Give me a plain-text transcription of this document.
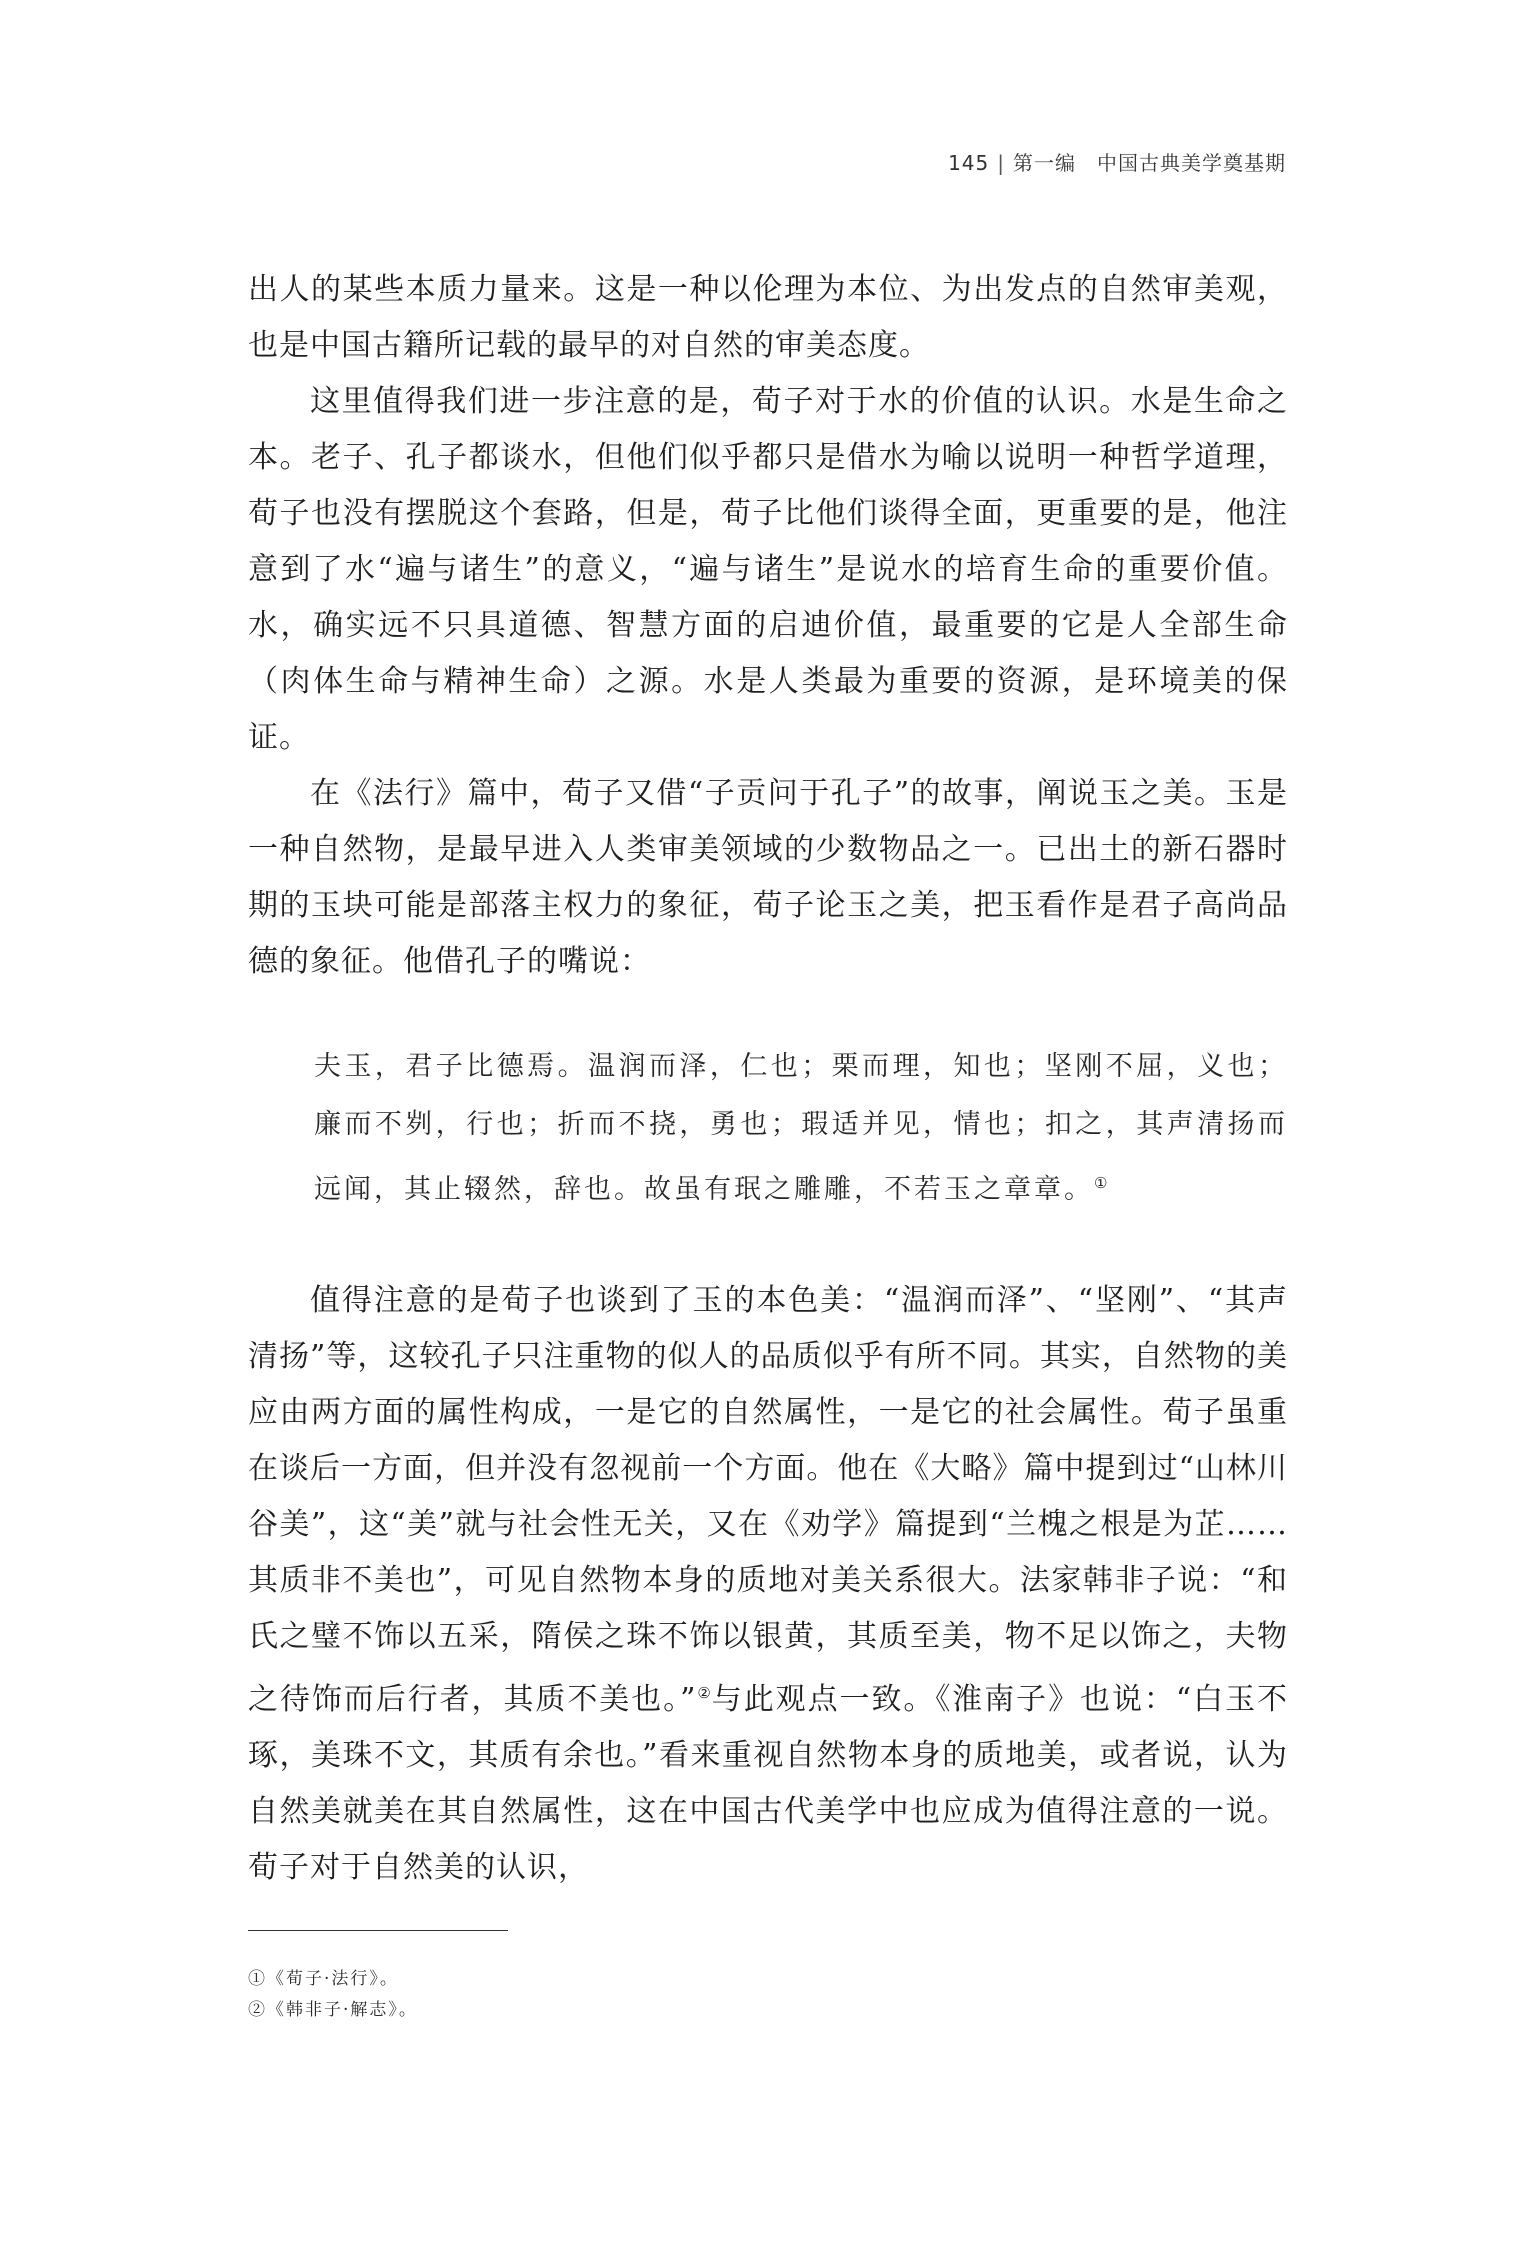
145 | 第一编  中国古典美学奠基期

出人的某些本质力量来。这是一种以伦理为本位、为出发点的自然审美观，也是中国古籍所记载的最早的对自然的审美态度。

这里值得我们进一步注意的是，荀子对于水的价值的认识。水是生命之本。老子、孔子都谈水，但他们似乎都只是借水为喻以说明一种哲学道理，荀子也没有摆脱这个套路，但是，荀子比他们谈得全面，更重要的是，他注意到了水“遍与诸生”的意义，“遍与诸生”是说水的培育生命的重要价值。水，确实远不只具道德、智慧方面的启迪价值，最重要的它是人全部生命（肉体生命与精神生命）之源。水是人类最为重要的资源，是环境美的保证。

在《法行》篇中，荀子又借“子贡问于孔子”的故事，阐说玉之美。玉是一种自然物，是最早进入人类审美领域的少数物品之一。已出土的新石器时期的玉块可能是部落主权力的象征，荀子论玉之美，把玉看作是君子高尚品德的象征。他借孔子的嘴说：

夫玉，君子比德焉。温润而泽，仁也；栗而理，知也；坚刚不屈，义也；廉而不刿，行也；折而不挠，勇也；瑕适并见，情也；扣之，其声清扬而远闻，其止辍然，辞也。故虽有珉之雕雕，不若玉之章章。①

值得注意的是荀子也谈到了玉的本色美：“温润而泽”、“坚刚”、“其声清扬”等，这较孔子只注重物的似人的品质似乎有所不同。其实，自然物的美应由两方面的属性构成，一是它的自然属性，一是它的社会属性。荀子虽重在谈后一方面，但并没有忽视前一个方面。他在《大略》篇中提到过“山林川谷美”，这“美”就与社会性无关，又在《劝学》篇提到“兰槐之根是为芷……其质非不美也”，可见自然物本身的质地对美关系很大。法家韩非子说：“和氏之璧不饰以五采，隋侯之珠不饰以银黄，其质至美，物不足以饰之，夫物之待饰而后行者，其质不美也。”②与此观点一致。《淮南子》也说：“白玉不琢，美珠不文，其质有余也。”看来重视自然物本身的质地美，或者说，认为自然美就美在其自然属性，这在中国古代美学中也应成为值得注意的一说。荀子对于自然美的认识，

①《荀子·法行》。

②《韩非子·解志》。
